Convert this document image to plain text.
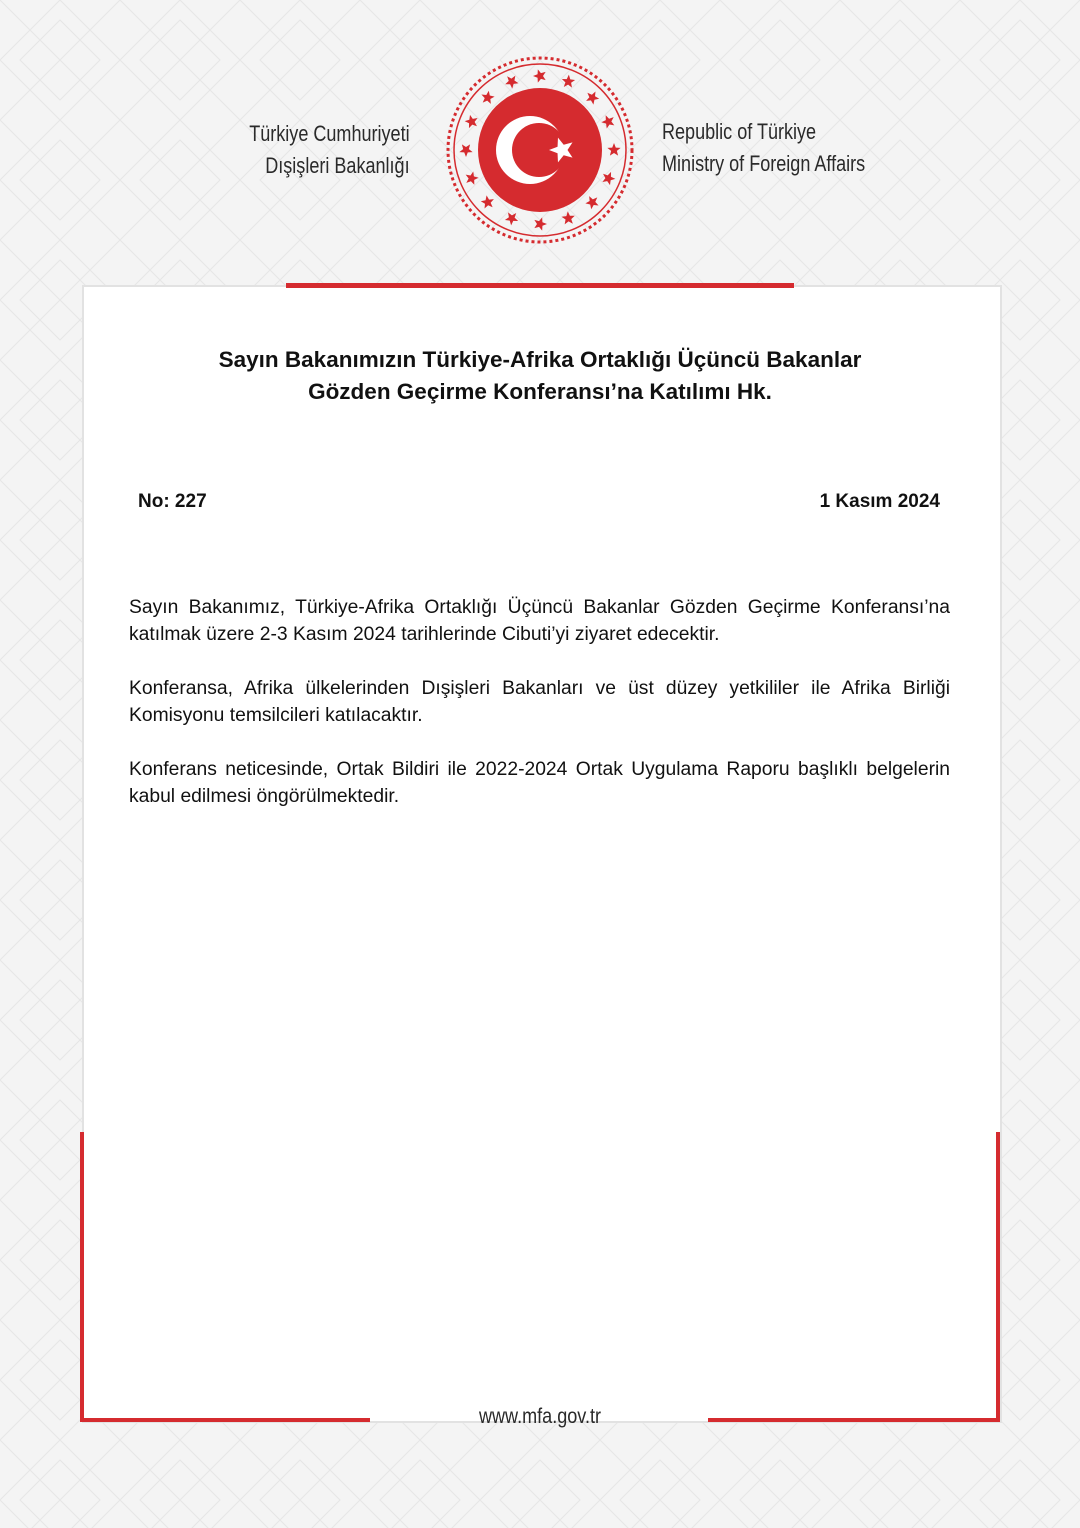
Türkiye Cumhuriyeti
Dışişleri Bakanlığı
Republic of Türkiye
Ministry of Foreign Affairs
Sayın Bakanımızın Türkiye-Afrika Ortaklığı Üçüncü Bakanlar
Gözden Geçirme Konferansı’na Katılımı Hk.
No: 227	1 Kasım 2024

Sayın Bakanımız, Türkiye-Afrika Ortaklığı Üçüncü Bakanlar Gözden Geçirme Konferansı’na katılmak üzere 2-3 Kasım 2024 tarihlerinde Cibuti’yi ziyaret edecektir.

Konferansa, Afrika ülkelerinden Dışişleri Bakanları ve üst düzey yetkililer ile Afrika Birliği Komisyonu temsilcileri katılacaktır.

Konferans neticesinde, Ortak Bildiri ile 2022-2024 Ortak Uygulama Raporu başlıklı belgelerin kabul edilmesi öngörülmektedir.

www.mfa.gov.tr
